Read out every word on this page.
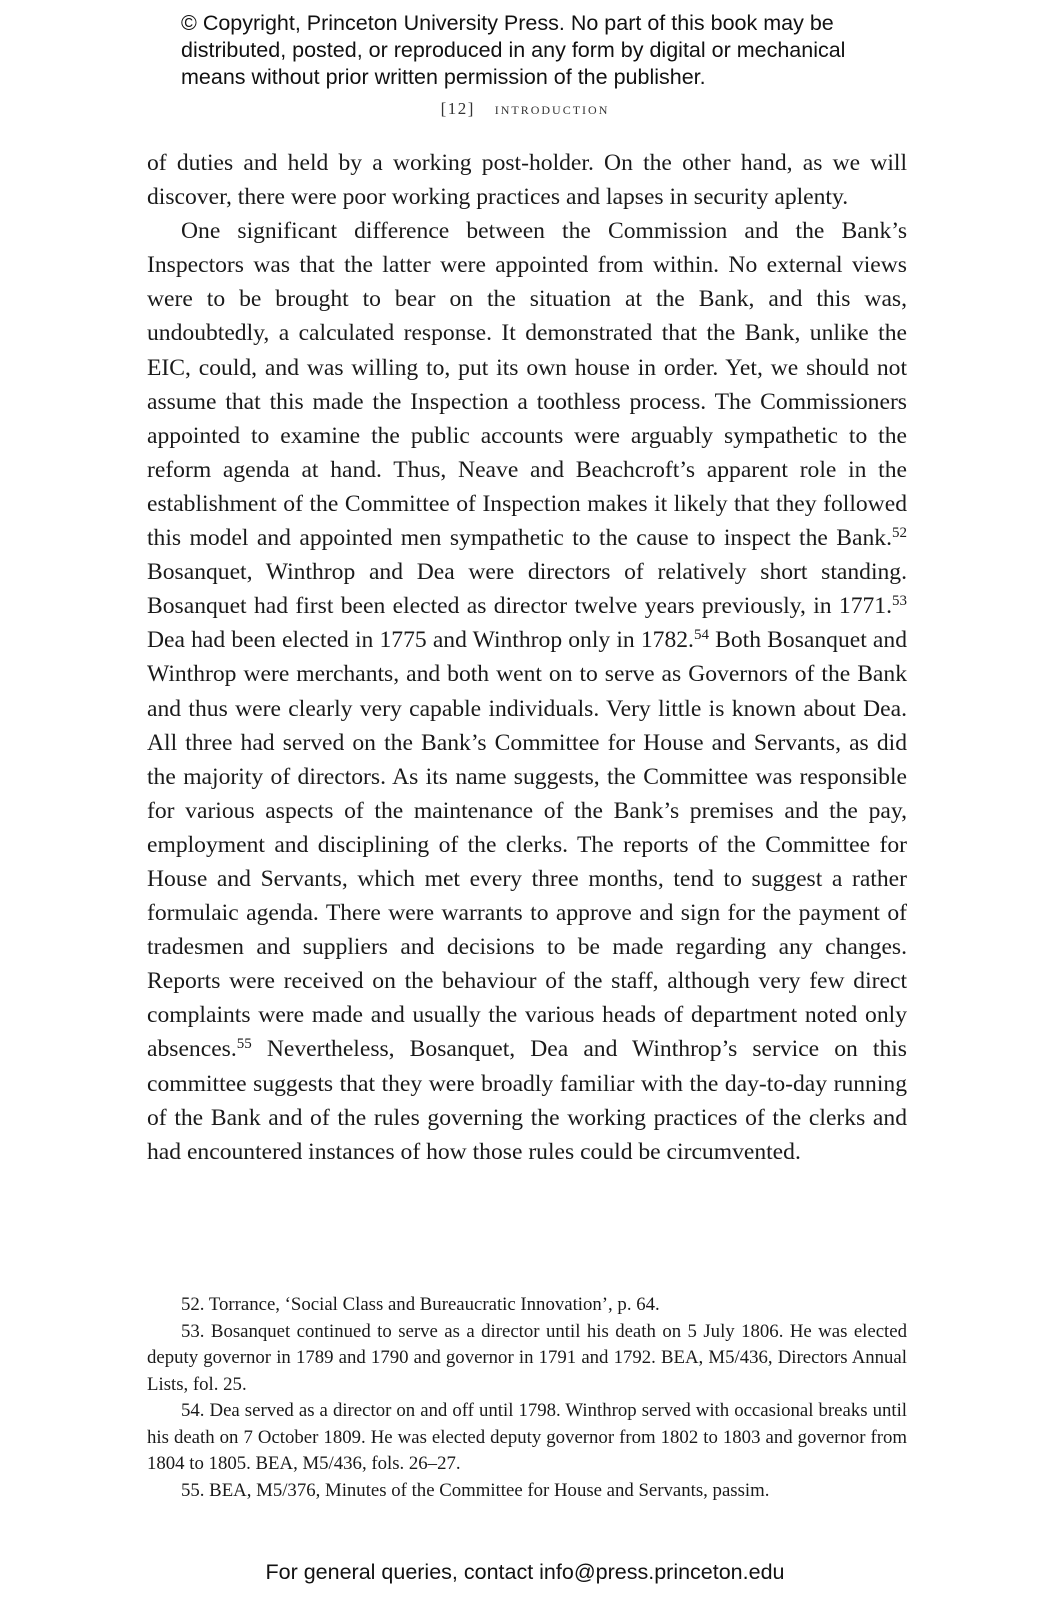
© Copyright, Princeton University Press. No part of this book may be distributed, posted, or reproduced in any form by digital or mechanical means without prior written permission of the publisher.
[12] introduction

of duties and held by a working post-holder. On the other hand, as we will discover, there were poor working practices and lapses in security aplenty.

One significant difference between the Commission and the Bank’s Inspectors was that the latter were appointed from within. No external views were to be brought to bear on the situation at the Bank, and this was, undoubtedly, a calculated response. It demonstrated that the Bank, unlike the EIC, could, and was willing to, put its own house in order. Yet, we should not assume that this made the Inspection a toothless process. The Commissioners appointed to examine the public accounts were arguably sympathetic to the reform agenda at hand. Thus, Neave and Beachcroft’s apparent role in the establishment of the Committee of Inspection makes it likely that they followed this model and appointed men sympathetic to the cause to inspect the Bank.$^{52}$ Bosanquet, Winthrop and Dea were directors of relatively short standing. Bosanquet had first been elected as director twelve years previously, in 1771.53 Dea had been elected in 1775 and Winthrop only in 1782.54 Both Bosanquet and Winthrop were merchants, and both went on to serve as Governors of the Bank and thus were clearly very capable individuals. Very little is known about Dea. All three had served on the Bank’s Committee for House and Servants, as did the majority of directors. As its name suggests, the Committee was responsible for various aspects of the maintenance of the Bank’s premises and the pay, employment and disciplining of the clerks. The reports of the Committee for House and Servants, which met every three months, tend to suggest a rather formulaic agenda. There were warrants to approve and sign for the payment of tradesmen and suppliers and decisions to be made regarding any changes. Reports were received on the behaviour of the staff, although very few direct complaints were made and usually the various heads of department noted only absences.$^{55}$ Nevertheless, Bosanquet, Dea and Winthrop’s service on this committee suggests that they were broadly familiar with the day-to-day running of the Bank and of the rules governing the working practices of the clerks and had encountered instances of how those rules could be circumvented.

52. Torrance, ‘Social Class and Bureaucratic Innovation’, p. 64.

53. Bosanquet continued to serve as a director until his death on 5 July 1806. He was elected deputy governor in 1789 and 1790 and governor in 1791 and 1792. BEA, M5/436, Directors Annual Lists, fol. 25.

54. Dea served as a director on and off until 1798. Winthrop served with occasional breaks until his death on 7 October 1809. He was elected deputy governor from 1802 to 1803 and governor from 1804 to 1805. BEA, M5/436, fols. 26–27.

55. BEA, M5/376, Minutes of the Committee for House and Servants, passim.

For general queries, contact info@press.princeton.edu
